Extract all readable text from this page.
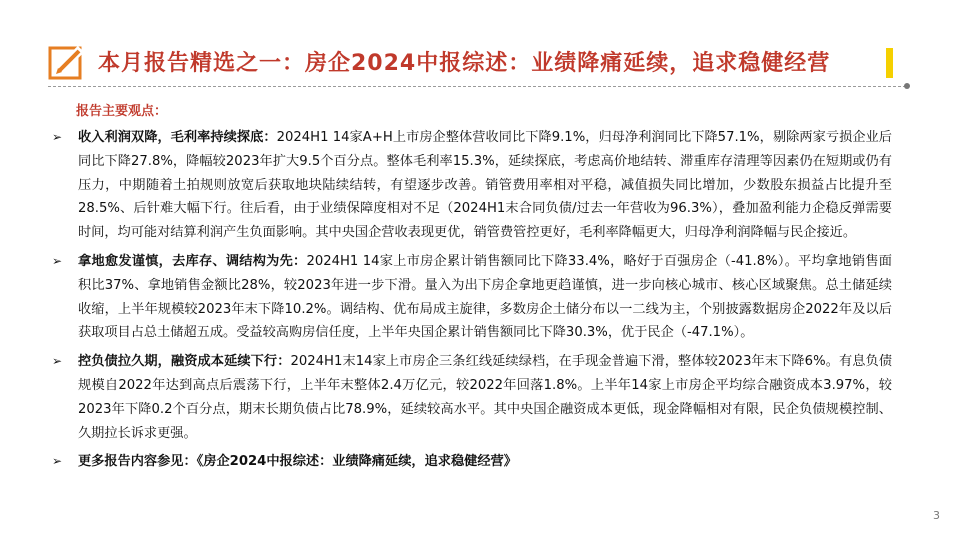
本月报告精选之一：房企2024中报综述：业绩降痛延续，追求稳健经营
报告主要观点：
➢ 收入利润双降，毛利率持续探底：2024H1 14家A+H上市房企整体营收同比下降9.1%，归母净利润同比下降57.1%，剔除两家亏损企业后同比下降27.8%，降幅较2023年扩大9.5个百分点。整体毛利率15.3%，延续探底，考虑高价地结转、滞重库存清理等因素仍在短期或仍有压力，中期随着土拍规则放宽后获取地块陆续结转，有望逐步改善。销管费用率相对平稳，减值损失同比增加，少数股东损益占比提升至28.5%、后针难大幅下行。往后看，由于业绩保障度相对不足（2024H1末合同负债/过去一年营收为96.3%），叠加盈利能力企稳反弹需要时间，均可能对结算利润产生负面影响。其中央国企营收表现更优，销管费管控更好，毛利率降幅更大，归母净利润降幅与民企接近。
➢ 拿地愈发谨慎，去库存、调结构为先：2024H1 14家上市房企累计销售额同比下降33.4%，略好于百强房企（-41.8%）。平均拿地销售面积比37%、拿地销售金额比28%，较2023年进一步下滑。量入为出下房企拿地更趋谨慎，进一步向核心城市、核心区域聚焦。总土储延续收缩，上半年规模较2023年末下降10.2%。调结构、优布局成主旋律，多数房企土储分布以一二线为主，个别披露数据房企2022年及以后获取项目占总土储超五成。受益较高购房信任度，上半年央国企累计销售额同比下降30.3%，优于民企（-47.1%）。
➢ 控负债拉久期，融资成本延续下行：2024H1末14家上市房企三条红线延续绿档，在手现金普遍下滑，整体较2023年末下降6%。有息负债规模自2022年达到高点后震荡下行，上半年末整体2.4万亿元，较2022年回落1.8%。上半年14家上市房企平均综合融资成本3.97%，较2023年下降0.2个百分点，期末长期负债占比78.9%，延续较高水平。其中央国企融资成本更低，现金降幅相对有限，民企负债规模控制、久期拉长诉求更强。
➢ 更多报告内容参见：《房企2024中报综述：业绩降痛延续，追求稳健经营》
3
